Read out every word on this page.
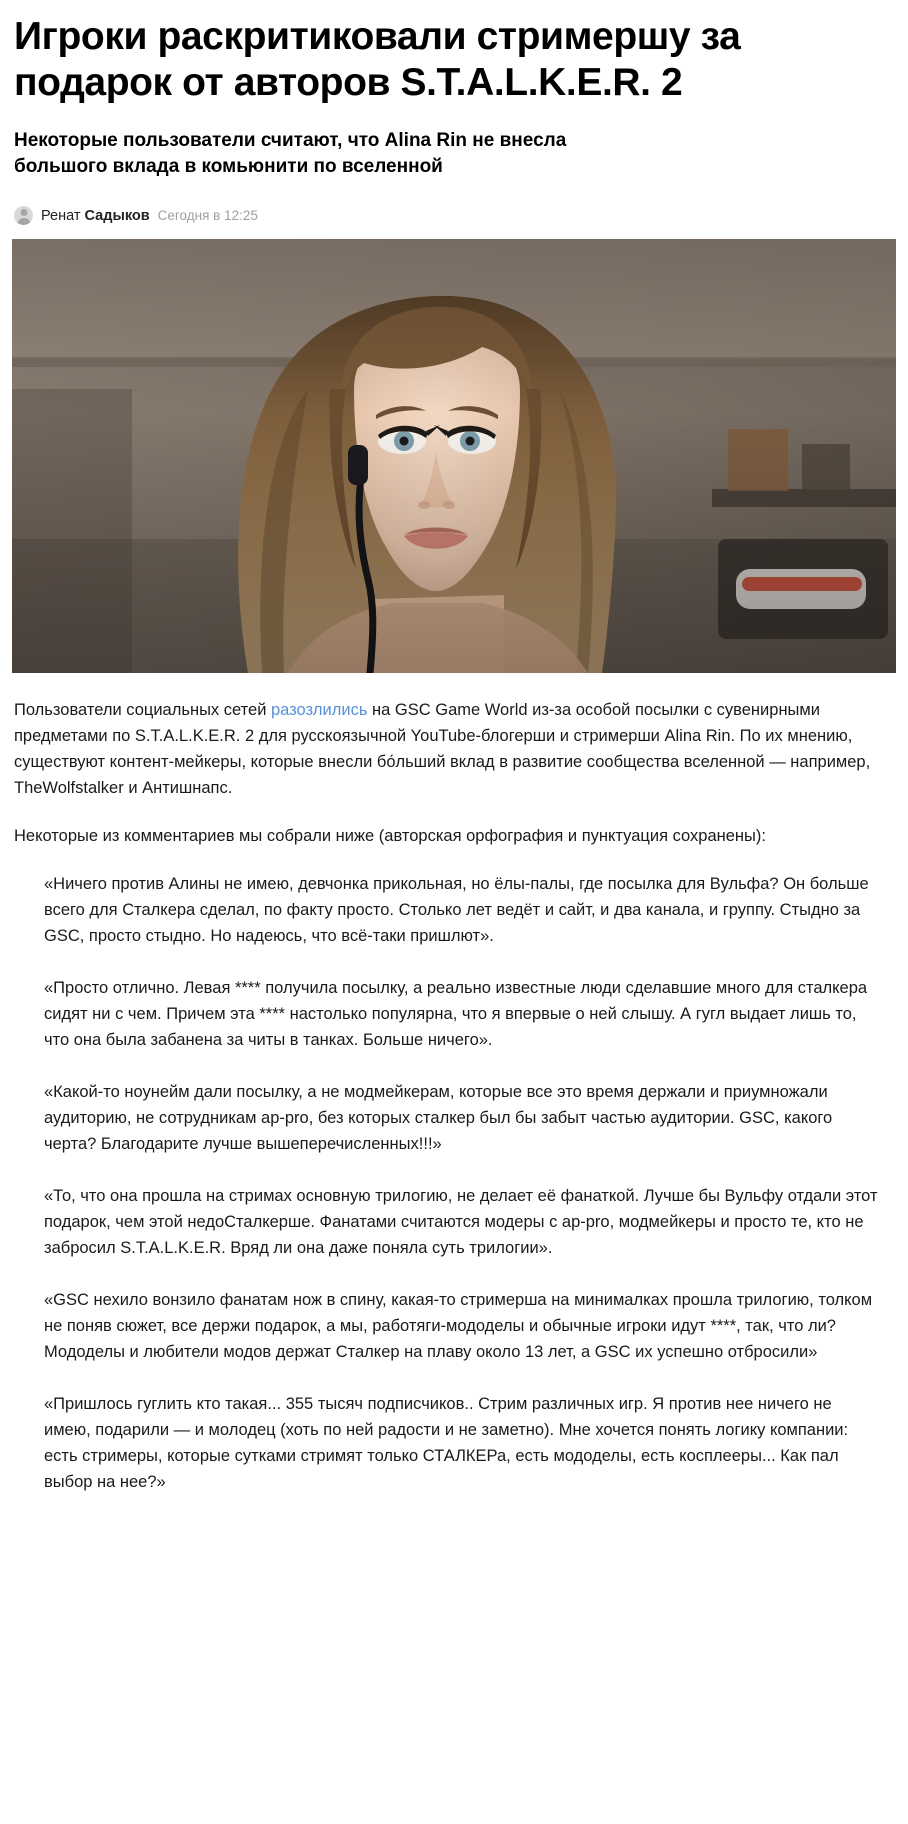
Игроки раскритиковали стримершу за подарок от авторов S.T.A.L.K.E.R. 2
Некоторые пользователи считают, что Alina Rin не внесла большого вклада в комьюнити по вселенной
Ренат Садыков Сегодня в 12:25

Пользователи социальных сетей разозлились на GSC Game World из-за особой посылки с сувенирными предметами по S.T.A.L.K.E.R. 2 для русскоязычной YouTube-блогерши и стримерши Alina Rin. По их мнению, существуют контент-мейкеры, которые внесли бо́льший вклад в развитие сообщества вселенной — например, TheWolfstalker и Антишнапс.

Некоторые из комментариев мы собрали ниже (авторская орфография и пунктуация сохранены):

«Ничего против Алины не имею, девчонка прикольная, но ёлы-палы, где посылка для Вульфа? Он больше всего для Сталкера сделал, по факту просто. Столько лет ведёт и сайт, и два канала, и группу. Стыдно за GSC, просто стыдно. Но надеюсь, что всё-таки пришлют».

«Просто отлично. Левая **** получила посылку, а реально известные люди сделавшие много для сталкера сидят ни с чем. Причем эта **** настолько популярна, что я впервые о ней слышу. А гугл выдает лишь то, что она была забанена за читы в танках. Больше ничего».

«Какой-то ноунейм дали посылку, а не модмейкерам, которые все это время держали и приумножали аудиторию, не сотрудникам ap-pro, без которых сталкер был бы забыт частью аудитории. GSC, какого черта? Благодарите лучше вышеперечисленных!!!»

«То, что она прошла на стримах основную трилогию, не делает её фанаткой. Лучше бы Вульфу отдали этот подарок, чем этой недоСталкерше. Фанатами считаются модеры с ap-pro, модмейкеры и просто те, кто не забросил S.T.A.L.K.E.R. Вряд ли она даже поняла суть трилогии».

«GSC нехило вонзило фанатам нож в спину, какая-то стримерша на минималках прошла трилогию, толком не поняв сюжет, все держи подарок, а мы, работяги-мододелы и обычные игроки идут ****, так, что ли? Мододелы и любители модов держат Сталкер на плаву около 13 лет, а GSC их успешно отбросили»

«Пришлось гуглить кто такая... 355 тысяч подписчиков.. Стрим различных игр. Я против нее ничего не имею, подарили — и молодец (хоть по ней радости и не заметно). Мне хочется понять логику компании: есть стримеры, которые сутками стримят только СТАЛКЕРа, есть мододелы, есть косплееры... Как пал выбор на нее?»
